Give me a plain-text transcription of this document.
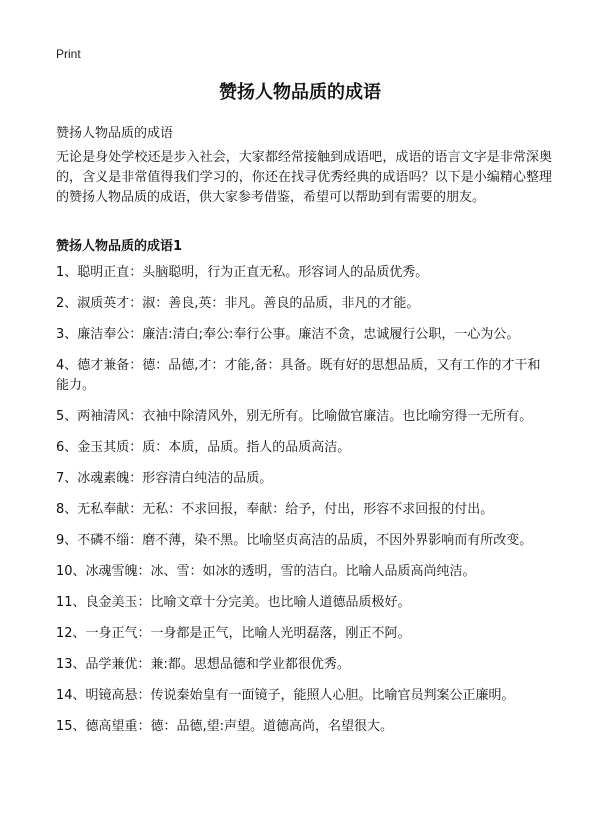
Print
赞扬人物品质的成语

赞扬人物品质的成语

无论是身处学校还是步入社会，大家都经常接触到成语吧，成语的语言文字是非常深奥的，含义是非常值得我们学习的，你还在找寻优秀经典的成语吗？以下是小编精心整理的赞扬人物品质的成语，供大家参考借鉴，希望可以帮助到有需要的朋友。

赞扬人物品质的成语1
1、聪明正直：头脑聪明，行为正直无私。形容词人的品质优秀。
2、淑质英才：淑：善良,英：非凡。善良的品质，非凡的才能。
3、廉洁奉公：廉洁:清白;奉公:奉行公事。廉洁不贪，忠诚履行公职，一心为公。
4、德才兼备：德：品德,才：才能,备：具备。既有好的思想品质，又有工作的才干和能力。
5、两袖清风：衣袖中除清风外，别无所有。比喻做官廉洁。也比喻穷得一无所有。
6、金玉其质：质：本质，品质。指人的品质高洁。
7、冰魂素魄：形容清白纯洁的品质。
8、无私奉献：无私：不求回报，奉献：给予，付出，形容不求回报的付出。
9、不磷不缁：磨不薄，染不黑。比喻坚贞高洁的品质，不因外界影响而有所改变。
10、冰魂雪魄：冰、雪：如冰的透明，雪的洁白。比喻人品质高尚纯洁。
11、良金美玉：比喻文章十分完美。也比喻人道德品质极好。
12、一身正气：一身都是正气，比喻人光明磊落，刚正不阿。
13、品学兼优：兼:都。思想品德和学业都很优秀。
14、明镜高悬：传说秦始皇有一面镜子，能照人心胆。比喻官员判案公正廉明。
15、德高望重：德：品德,望:声望。道德高尚，名望很大。
